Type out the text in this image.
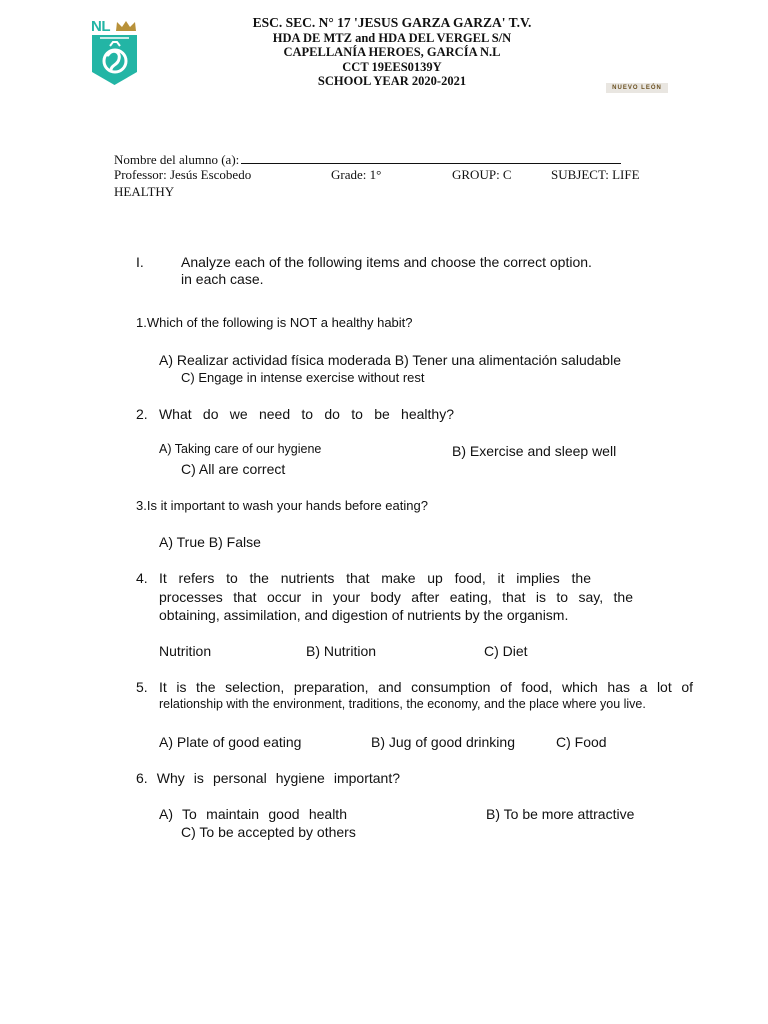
NL	ESC. SEC. N° 17 'JESUS GARZA GARZA' T.V.
HDA DE MTZ and HDA DEL VERGEL S/N
CAPELLANÍA HEROES, GARCÍA N.L
CCT 19EES0139Y
SCHOOL YEAR 2020-2021	NUEVO LEÓN
Nombre del alumno (a):
Professor: Jesús Escobedo	Grade: 1°	GROUP: C	SUBJECT: LIFE
HEALTHY
I.	Analyze each of the following items and choose the correct option.
in each case.
1.Which of the following is NOT a healthy habit?
A) Realizar actividad física moderada B) Tener una alimentación saludable
C) Engage in intense exercise without rest
2. What do we need to do to be healthy?
A) Taking care of our hygiene	B) Exercise and sleep well
C) All are correct
3.Is it important to wash your hands before eating?
A) True B) False
4. It refers to the nutrients that make up food, it implies the
processes that occur in your body after eating, that is to say, the
obtaining, assimilation, and digestion of nutrients by the organism.
Nutrition	B) Nutrition	C) Diet
5. It is the selection, preparation, and consumption of food, which has a lot of
relationship with the environment, traditions, the economy, and the place where you live.
A) Plate of good eating	B) Jug of good drinking	C) Food
6. Why is personal hygiene important?
A) To maintain good health	B) To be more attractive
C) To be accepted by others
